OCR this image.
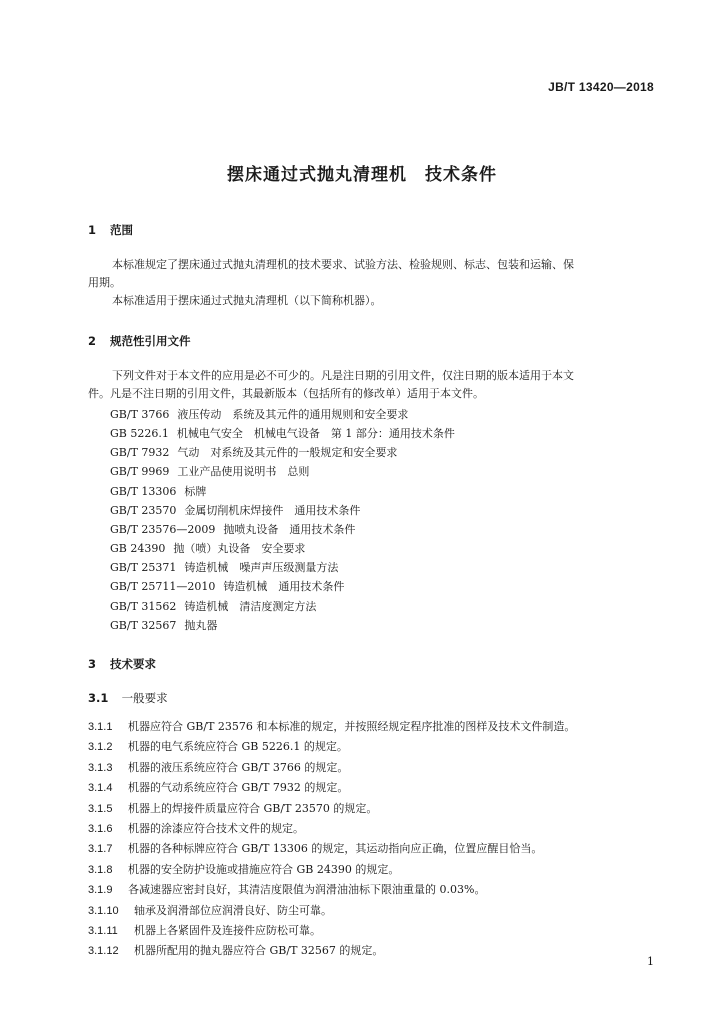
JB/T 13420—2018
摆床通过式抛丸清理机　技术条件
1 范围
本标准规定了摆床通过式抛丸清理机的技术要求、试验方法、检验规则、标志、包装和运输、保
用期。
本标准适用于摆床通过式抛丸清理机（以下简称机器）。
2 规范性引用文件
下列文件对于本文件的应用是必不可少的。凡是注日期的引用文件，仅注日期的版本适用于本文
件。凡是不注日期的引用文件，其最新版本（包括所有的修改单）适用于本文件。
GB/T 3766 液压传动　系统及其元件的通用规则和安全要求
GB 5226.1 机械电气安全　机械电气设备　第 1 部分：通用技术条件
GB/T 7932 气动　对系统及其元件的一般规定和安全要求
GB/T 9969 工业产品使用说明书　总则
GB/T 13306 标牌
GB/T 23570 金属切削机床焊接件　通用技术条件
GB/T 23576—2009 抛喷丸设备　通用技术条件
GB 24390 抛（喷）丸设备　安全要求
GB/T 25371 铸造机械　噪声声压级测量方法
GB/T 25711—2010 铸造机械　通用技术条件
GB/T 31562 铸造机械　清洁度测定方法
GB/T 32567 抛丸器
3 技术要求
3.1 一般要求
3.1.1 机器应符合 GB/T 23576 和本标准的规定，并按照经规定程序批准的图样及技术文件制造。
3.1.2 机器的电气系统应符合 GB 5226.1 的规定。
3.1.3 机器的液压系统应符合 GB/T 3766 的规定。
3.1.4 机器的气动系统应符合 GB/T 7932 的规定。
3.1.5 机器上的焊接件质量应符合 GB/T 23570 的规定。
3.1.6 机器的涂漆应符合技术文件的规定。
3.1.7 机器的各种标牌应符合 GB/T 13306 的规定，其运动指向应正确，位置应醒目恰当。
3.1.8 机器的安全防护设施或措施应符合 GB 24390 的规定。
3.1.9 各减速器应密封良好，其清洁度限值为润滑油油标下限油重量的 0.03%。
3.1.10 轴承及润滑部位应润滑良好、防尘可靠。
3.1.11 机器上各紧固件及连接件应防松可靠。
3.1.12 机器所配用的抛丸器应符合 GB/T 32567 的规定。
1
